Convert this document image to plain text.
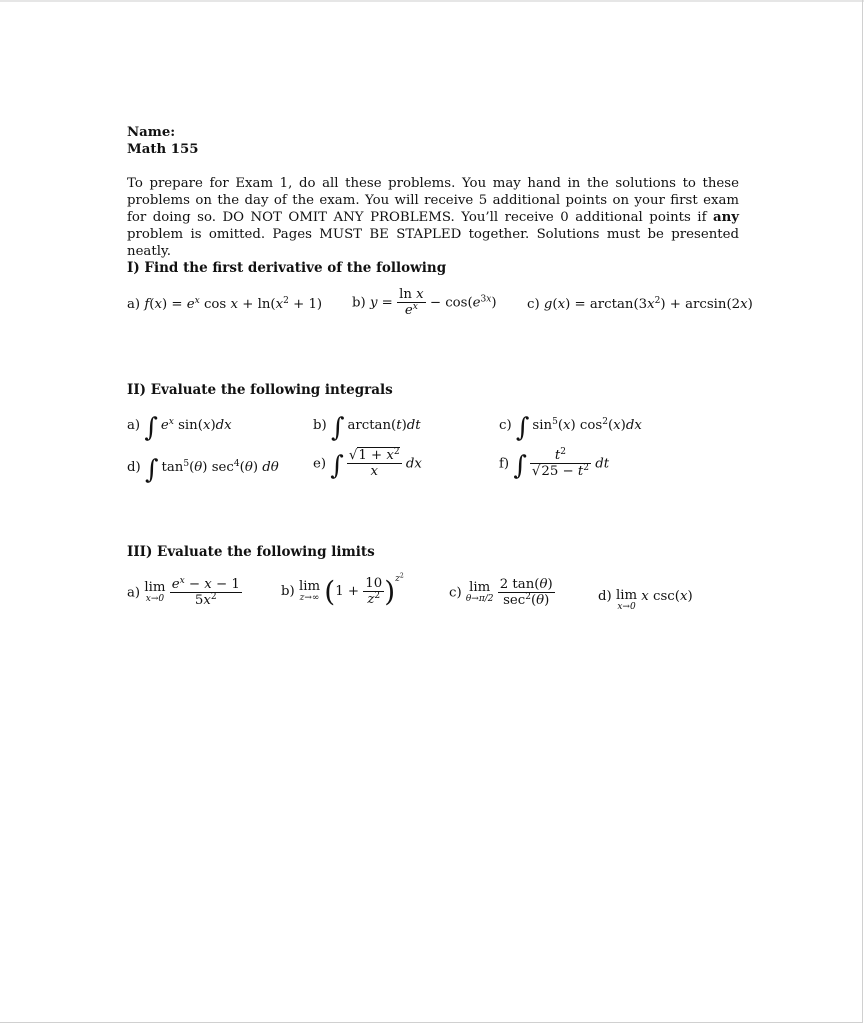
Name:
Math 155
To prepare for Exam 1, do all these problems. You may hand in the solutions to these problems on the day of the exam. You will receive 5 additional points on your first exam for doing so. DO NOT OMIT ANY PROBLEMS. You’ll receive 0 additional points if any problem is omitted. Pages MUST BE STAPLED together. Solutions must be presented neatly.
I) Find the first derivative of the following
a) $f(x) = e^x$ $\cos x + \ln(x^2 + 1)$ b) $y = \frac{\text{ln x}}{e^x} - \cos(e^{3x})$ c) $g(x) = \arctan(3x^2) + \arcsin(2x)$
II) Evaluate the following integrals
a) ∫ $e^x$ sin(x)dx	b) ∫ arctan(t)dt	c) ∫ $\sin^5(x)$ $\cos^2(x)dx$
d) ∫ $\tan^5(\theta)$ $\sec^4(\theta)$ dθ	e) ∫ $\frac{√1 + x^2}{x}$ dx	f) ∫ $\frac{t^2}{√25 - t^2}$ dt
III) Evaluate the following limits
a) lim
x→0
$\frac{e^x - x - 1}{5x^2}$	b) lim
z→∞ $(1 + \frac{10}{z^2} )^{z^2}$
c) lim
θ→π/2
$\frac{2 \tan(\theta)}{\sec^2(\theta)}$	d) lim
x→0
x csc(x)
